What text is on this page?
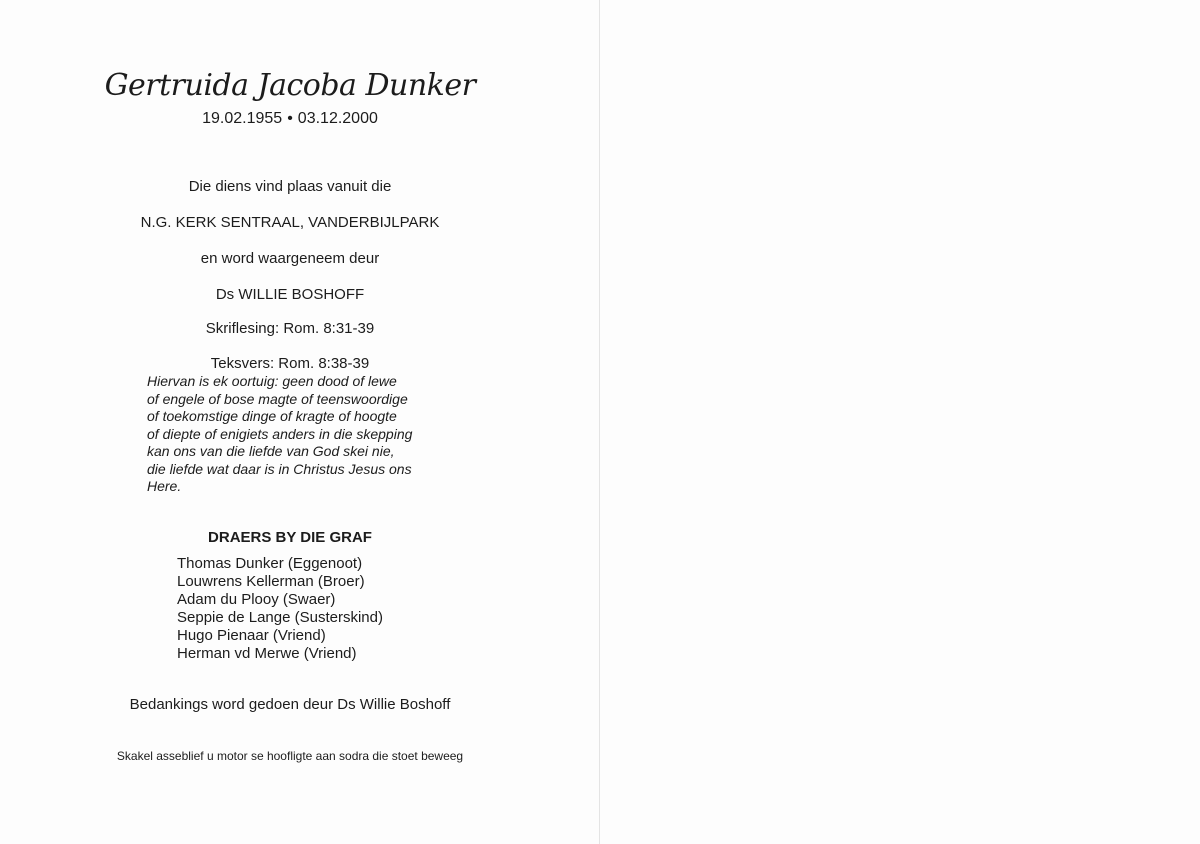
Gertruida Jacoba Dunker
19.02.1955 • 03.12.2000
Die diens vind plaas vanuit die
N.G. KERK SENTRAAL, VANDERBIJLPARK
en word waargeneem deur
Ds WILLIE BOSHOFF
Skriflesing: Rom. 8:31-39
Teksvers: Rom. 8:38-39
Hiervan is ek oortuig: geen dood of lewe
of engele of bose magte of teenswoordige
of toekomstige dinge of kragte of hoogte
of diepte of enigiets anders in die skepping
kan ons van die liefde van God skei nie,
die liefde wat daar is in Christus Jesus ons
Here.
DRAERS BY DIE GRAF
Thomas Dunker (Eggenoot)
Louwrens Kellerman (Broer)
Adam du Plooy (Swaer)
Seppie de Lange (Susterskind)
Hugo Pienaar (Vriend)
Herman vd Merwe (Vriend)
Bedankings word gedoen deur Ds Willie Boshoff
Skakel asseblief u motor se hoofligte aan sodra die stoet beweeg
